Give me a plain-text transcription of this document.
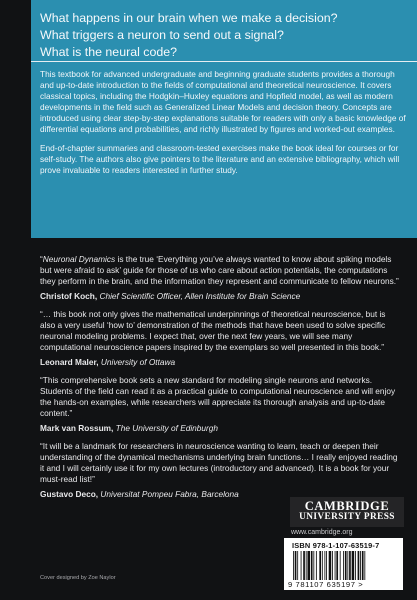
What happens in our brain when we make a decision?
What triggers a neuron to send out a signal?
What is the neural code?

This textbook for advanced undergraduate and beginning graduate students provides a thorough and up-to-date introduction to the fields of computational and theoretical neuroscience. It covers classical topics, including the Hodgkin–Huxley equations and Hopfield model, as well as modern developments in the field such as Generalized Linear Models and decision theory. Concepts are introduced using clear step-by-step explanations suitable for readers with only a basic knowledge of differential equations and probabilities, and richly illustrated by figures and worked-out examples.

End-of-chapter summaries and classroom-tested exercises make the book ideal for courses or for self-study. The authors also give pointers to the literature and an extensive bibliography, which will prove invaluable to readers interested in further study.

“Neuronal Dynamics is the true ‘Everything you’ve always wanted to know about spiking models but were afraid to ask’ guide for those of us who care about action potentials, the computations they perform in the brain, and the information they represent and communicate to fellow neurons.”

Christof Koch, Chief Scientific Officer, Allen Institute for Brain Science

“… this book not only gives the mathematical underpinnings of theoretical neuroscience, but is also a very useful ‘how to’ demonstration of the methods that have been used to solve specific neuronal modeling problems. I expect that, over the next few years, we will see many computational neuroscience papers inspired by the exemplars so well presented in this book.”

Leonard Maler, University of Ottawa

“This comprehensive book sets a new standard for modeling single neurons and networks. Students of the field can read it as a practical guide to computational neuroscience and will enjoy the hands-on examples, while researchers will appreciate its thorough analysis and up-to-date content.”

Mark van Rossum, The University of Edinburgh

“It will be a landmark for researchers in neuroscience wanting to learn, teach or deepen their understanding of the dynamical mechanisms underlying brain functions… I really enjoyed reading it and I will certainly use it for my own lectures (introductory and advanced). It is a book for your must-read list!”

Gustavo Deco, Universitat Pompeu Fabra, Barcelona
CAMBRIDGE
UNIVERSITY PRESS
www.cambridge.org
ISBN 978-1-107-63519-7
9 781107 635197 >
Cover designed by Zoe Naylor
